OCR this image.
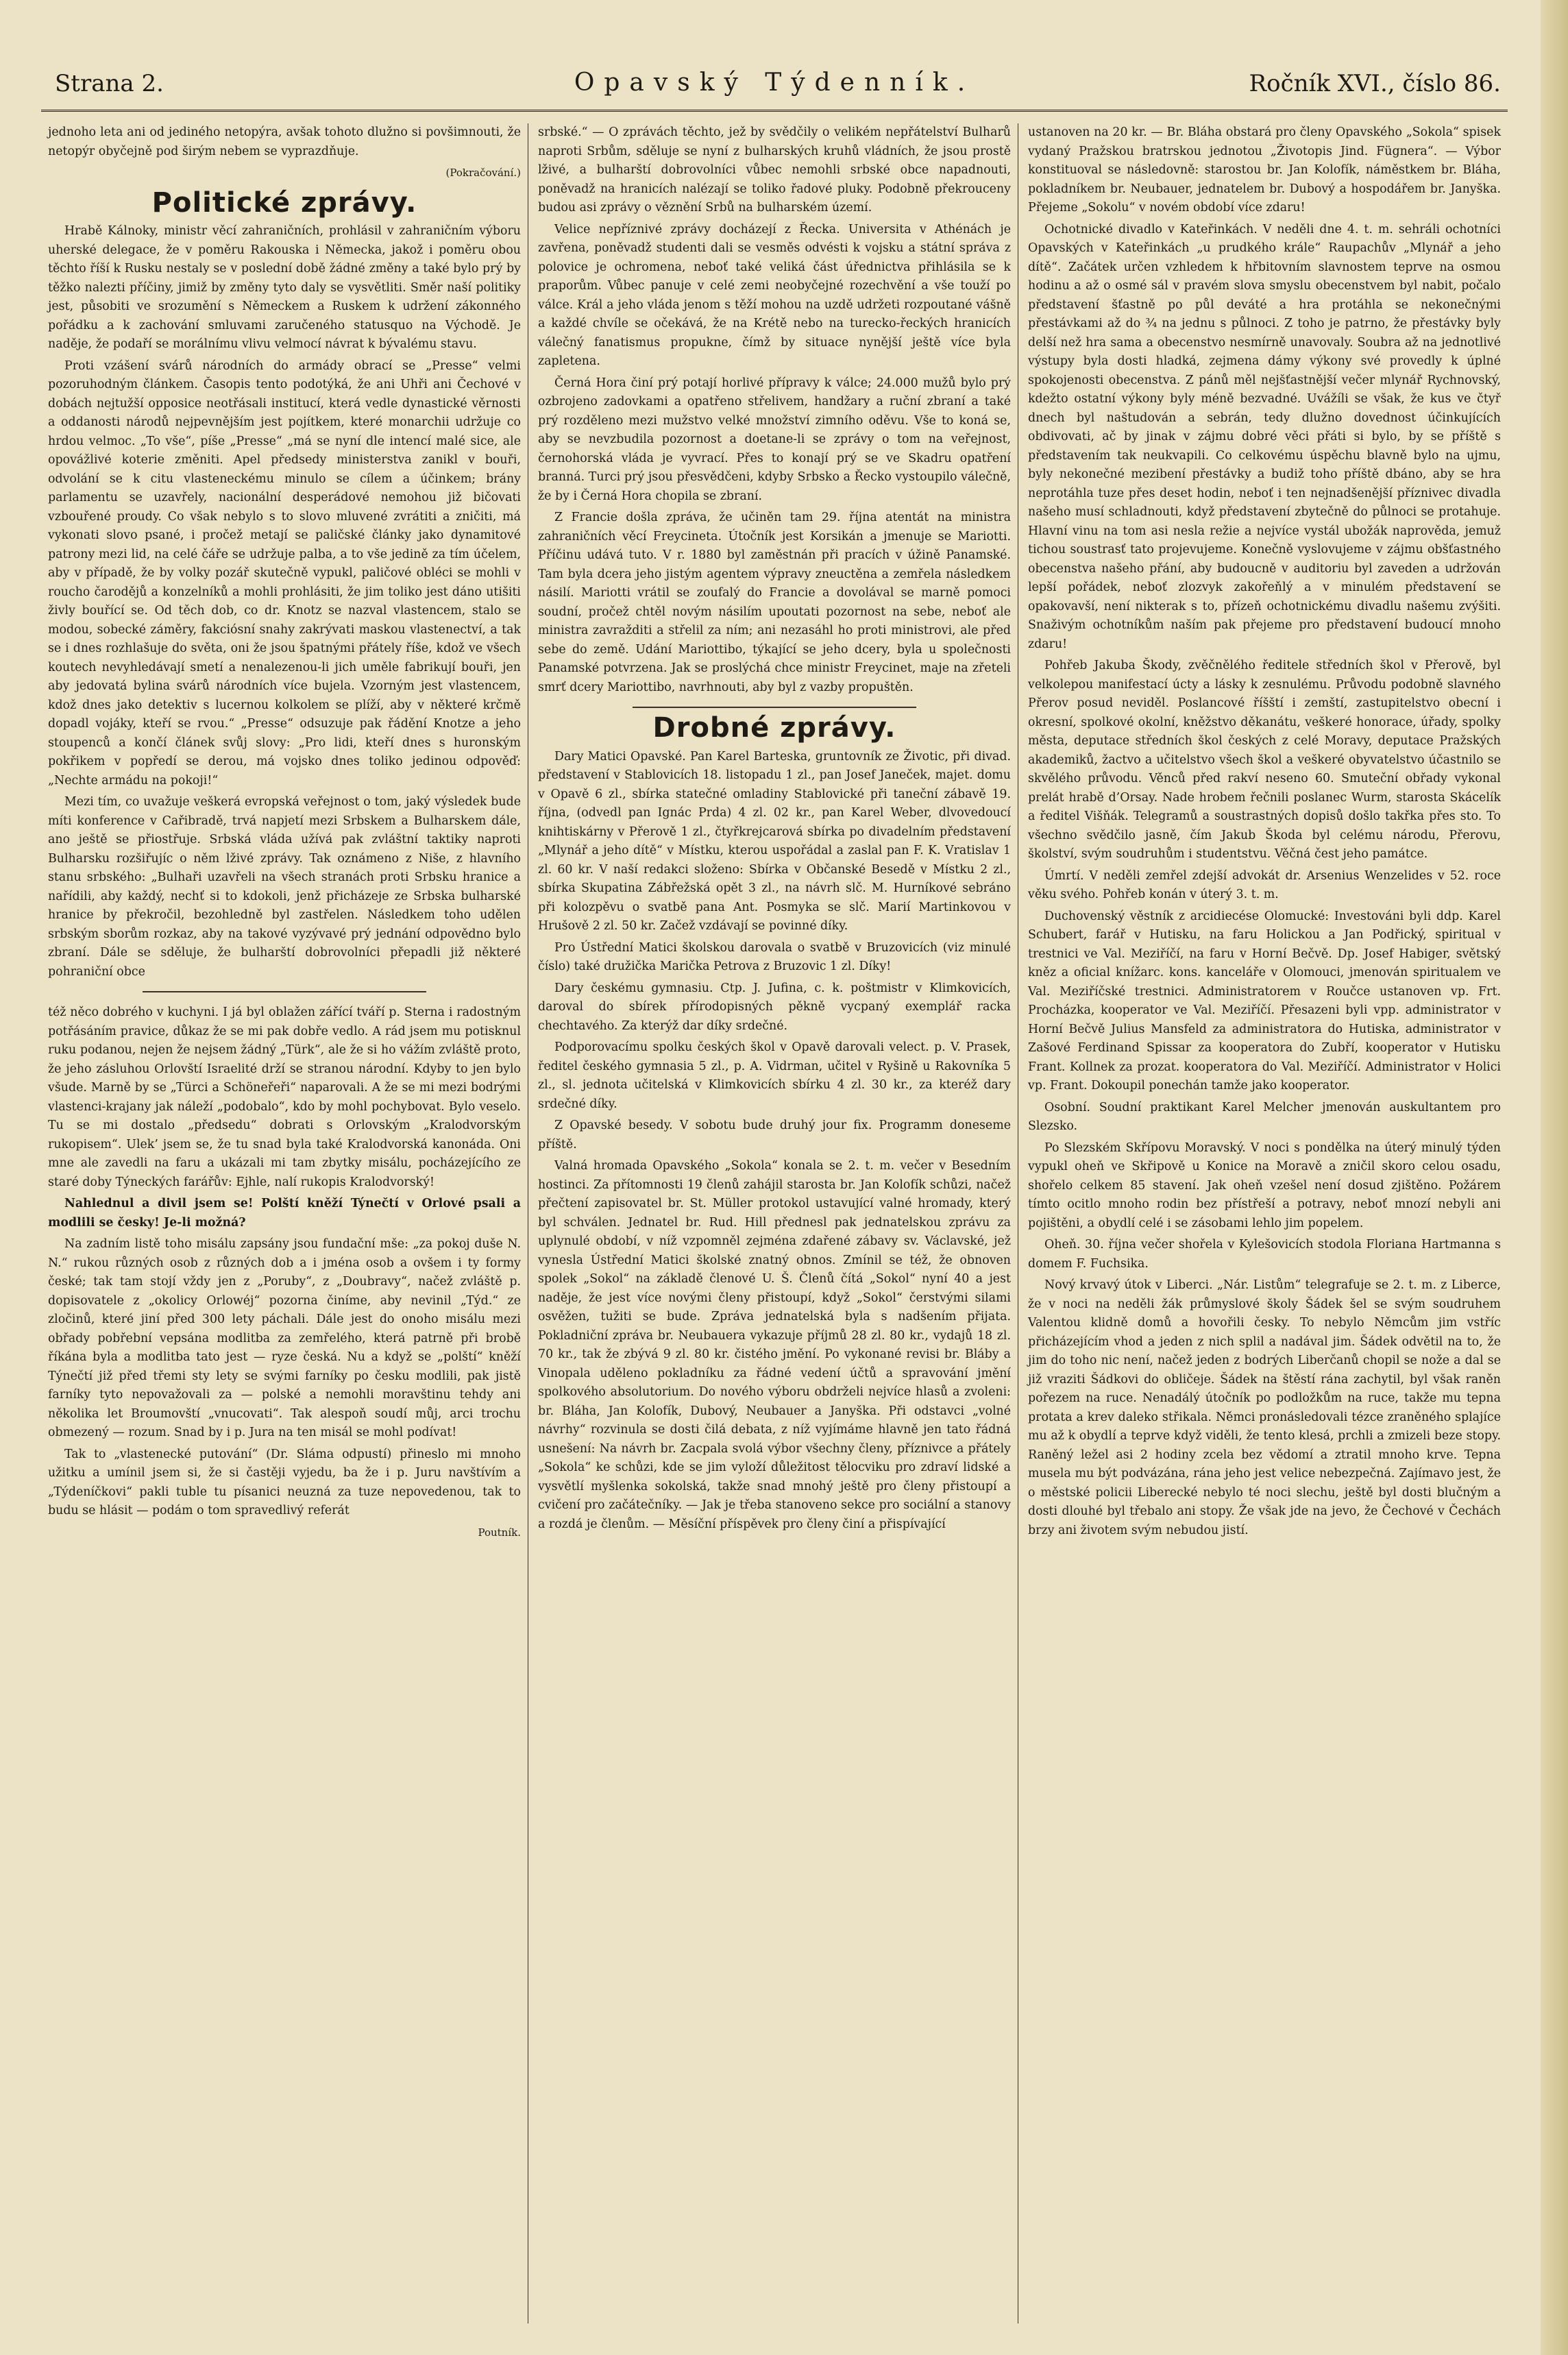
Strana 2.	Opavský Týdenník.	Ročník XVI., číslo 86.

jednoho leta ani od jediného netopýra, avšak tohoto dlužno si povšimnouti, že netopýr obyčejně pod širým nebem se vyprazdňuje.

(Pokračování.)
Politické zprávy.

Hrabě Kálnoky, ministr věcí zahraničních, prohlásil v zahraničním výboru uherské delegace, že v poměru Rakouska i Německa, jakož i poměru obou těchto říší k Rusku nestaly se v poslední době žádné změny a také bylo prý by těžko nalezti příčiny, jimiž by změny tyto daly se vysvětliti. Směr naší politiky jest, působiti ve srozumění s Německem a Ruskem k udržení zákonného pořádku a k zachování smluvami zaručeného statusquo na Východě. Je naděje, že podaří se morálnímu vlivu velmocí návrat k bývalému stavu.

Proti vzášení svárů národních do armády obrací se „Presse“ velmi pozoruhodným článkem. Časopis tento podotýká, že ani Uhři ani Čechové v dobách nejtužší opposice neotřásali institucí, která vedle dynastické věrnosti a oddanosti národů nejpevnějším jest pojítkem, které monarchii udržuje co hrdou velmoc. „To vše“, píše „Presse“ „má se nyní dle intencí malé sice, ale opovážlivé koterie změniti. Apel předsedy ministerstva zanikl v bouři, odvolání se k citu vlasteneckému minulo se cílem a účinkem; brány parlamentu se uzavřely, nacionální desperádové nemohou již bičovati vzbouřené proudy. Co však nebylo s to slovo mluvené zvrátiti a zničiti, má vykonati slovo psané, i pročež metají se paličské články jako dynamitové patrony mezi lid, na celé čáře se udržuje palba, a to vše jedině za tím účelem, aby v případě, že by volky pozář skutečně vypukl, paličové obléci se mohli v roucho čarodějů a konzelníků a mohli prohlásiti, že jim toliko jest dáno utišiti živly bouřící se. Od těch dob, co dr. Knotz se nazval vlastencem, stalo se modou, sobecké záměry, fakciósní snahy zakrývati maskou vlastenectví, a tak se i dnes rozhlašuje do světa, oni že jsou špatnými přátely říše, kdož ve všech koutech nevyhledávají smetí a nenalezenou-li jich uměle fabrikují bouři, jen aby jedovatá bylina svárů národních více bujela. Vzorným jest vlastencem, kdož dnes jako detektiv s lucernou kolkolem se plíží, aby v některé krčmě dopadl vojáky, kteří se rvou.“ „Presse“ odsuzuje pak řádění Knotze a jeho stoupenců a končí článek svůj slovy: „Pro lidi, kteří dnes s huronským pokřikem v popředí se derou, má vojsko dnes toliko jedinou odpověď: „Nechte armádu na pokoji!“

Mezi tím, co uvažuje veškerá evropská veřejnost o tom, jaký výsledek bude míti konference v Cařibradě, trvá napjetí mezi Srbskem a Bulharskem dále, ano ještě se přiostřuje. Srbská vláda užívá pak zvláštní taktiky naproti Bulharsku rozšiřujíc o něm lživé zprávy. Tak oznámeno z Niše, z hlavního stanu srbského: „Bulhaři uzavřeli na všech stranách proti Srbsku hranice a nařídili, aby každý, nechť si to kdokoli, jenž přicházeje ze Srbska bulharské hranice by překročil, bezohledně byl zastřelen. Následkem toho udělen srbským sborům rozkaz, aby na takové vyzývavé prý jednání odpovědno bylo zbraní. Dále se sděluje, že bulharští dobrovolníci přepadli již některé pohraniční obce

též něco dobrého v kuchyni. I já byl oblažen zářící tváří p. Sterna i radostným potřásáním pravice, důkaz že se mi pak dobře vedlo. A rád jsem mu potisknul ruku podanou, nejen že nejsem žádný „Türk“, ale že si ho vážím zvláště proto, že jeho zásluhou Orlovští Israelité drží se stranou národní. Kdyby to jen bylo všude. Marně by se „Türci a Schöneřeři“ naparovali. A že se mi mezi bodrými vlastenci-krajany jak náleží „podobalo“, kdo by mohl pochybovat. Bylo veselo. Tu se mi dostalo „předsedu“ dobrati s Orlovským „Kralodvorským rukopisem“. Ulek’ jsem se, že tu snad byla také Kralodvorská kanonáda. Oni mne ale zavedli na faru a ukázali mi tam zbytky misálu, pocházejícího ze staré doby Týneckých farářův: Ejhle, nalí rukopis Kralodvorský!

Nahlednul a divil jsem se! Polští kněží Týnečtí v Orlové psali a modlili se česky! Je-li možná?

Na zadním listě toho misálu zapsány jsou fundační mše: „za pokoj duše N. N.“ rukou různých osob z různých dob a i jména osob a ovšem i ty formy české; tak tam stojí vždy jen z „Poruby“, z „Doubravy“, načež zvláště p. dopisovatele z „okolicy Orlowéj“ pozorna činíme, aby nevinil „Týd.“ ze zločinů, které jiní před 300 lety páchali. Dále jest do onoho misálu mezi obřady pobřební vepsána modlitba za zemřelého, která patrně při brobě říkána byla a modlitba tato jest — ryze česká. Nu a když se „polští“ kněží Týnečtí již před třemi sty lety se svými farníky po česku modlili, pak jistě farníky tyto nepovažovali za — polské a nemohli moravštinu tehdy ani několika let Broumovští „vnucovati“. Tak alespoň soudí můj, arci trochu obmezený — rozum. Snad by i p. Jura na ten misál se mohl podívat!

Tak to „vlastenecké putování“ (Dr. Sláma odpustí) přineslo mi mnoho užitku a umínil jsem si, že si častěji vyjedu, ba že i p. Juru navštívím a „Týdeníčkovi“ pakli tuble tu písanici neuzná za tuze nepovedenou, tak to budu se hlásit — podám o tom spravedlivý referát

Poutník.

srbské.“ — O zprávách těchto, jež by svědčily o velikém nepřátelství Bulharů naproti Srbům, sděluje se nyní z bulharských kruhů vládních, že jsou prostě lživé, a bulharští dobrovolníci vůbec nemohli srbské obce napadnouti, poněvadž na hranicích nalézají se toliko řadové pluky. Podobně překrouceny budou asi zprávy o věznění Srbů na bulharském území.

Velice nepříznivé zprávy docházejí z Řecka. Universita v Athénách je zavřena, poněvadž studenti dali se vesměs odvésti k vojsku a státní správa z polovice je ochromena, neboť také veliká část úřednictva přihlásila se k praporům. Vůbec panuje v celé zemi neobyčejné rozechvění a vše touží po válce. Král a jeho vláda jenom s těží mohou na uzdě udržeti rozpoutané vášně a každé chvíle se očekává, že na Krétě nebo na turecko-řeckých hranicích válečný fanatismus propukne, čímž by situace nynější ještě více byla zapletena.

Černá Hora činí prý potají horlivé přípravy k válce; 24.000 mužů bylo prý ozbrojeno zadovkami a opatřeno střelivem, handžary a ruční zbraní a také prý rozděleno mezi mužstvo velké množství zimního oděvu. Vše to koná se, aby se nevzbudila pozornost a doetane-li se zprávy o tom na veřejnost, černohorská vláda je vyvrací. Přes to konají prý se ve Skadru opatření branná. Turci prý jsou přesvědčeni, kdyby Srbsko a Řecko vystoupilo válečně, že by i Černá Hora chopila se zbraní.

Z Francie došla zpráva, že učiněn tam 29. října atentát na ministra zahraničních věcí Freycineta. Útočník jest Korsikán a jmenuje se Mariotti. Příčinu udává tuto. V r. 1880 byl zaměstnán při pracích v úžině Panamské. Tam byla dcera jeho jistým agentem výpravy zneuctěna a zemřela následkem násilí. Mariotti vrátil se zoufalý do Francie a dovolával se marně pomoci soudní, pročež chtěl novým násilím upoutati pozornost na sebe, neboť ale ministra zavražditi a střelil za ním; ani nezasáhl ho proti ministrovi, ale před sebe do země. Udání Mariottibo, týkající se jeho dcery, byla u společnosti Panamské potvrzena. Jak se proslýchá chce ministr Freycinet, maje na zřeteli smrť dcery Mariottibo, navrhnouti, aby byl z vazby propuštěn.

Drobné zprávy.

Dary Matici Opavské. Pan Karel Barteska, gruntovník ze Životic, při divad. představení v Stablovicích 18. listopadu 1 zl., pan Josef Janeček, majet. domu v Opavě 6 zl., sbírka statečné omladiny Stablovické při taneční zábavě 19. října, (odvedl pan Ignác Prda) 4 zl. 02 kr., pan Karel Weber, dlvovedoucí knihtiskárny v Přerově 1 zl., čtyřkrejcarová sbírka po divadelním představení „Mlynář a jeho dítě“ v Místku, kterou uspořádal a zaslal pan F. K. Vratislav 1 zl. 60 kr. V naší redakci složeno: Sbírka v Občanské Besedě v Místku 2 zl., sbírka Skupatina Zábřežská opět 3 zl., na návrh slč. M. Hurníkové sebráno při kolozpěvu o svatbě pana Ant. Posmyka se slč. Marií Martinkovou v Hrušově 2 zl. 50 kr. Začež vzdávají se povinné díky.

Pro Ústřední Matici školskou darovala o svatbě v Bruzovicích (viz minulé číslo) také družička Marička Petrova z Bruzovic 1 zl. Díky!

Dary českému gymnasiu. Ctp. J. Jufina, c. k. poštmistr v Klimkovicích, daroval do sbírek přírodopisných pěkně vycpaný exemplář racka chechtavého. Za kterýž dar díky srdečné.

Podporovacímu spolku českých škol v Opavě darovali velect. p. V. Prasek, ředitel českého gymnasia 5 zl., p. A. Vidrman, učitel v Ryšině u Rakovníka 5 zl., sl. jednota učitelská v Klimkovicích sbírku 4 zl. 30 kr., za kteréž dary srdečné díky.

Z Opavské besedy. V sobotu bude druhý jour fix. Programm doneseme příště.

Valná hromada Opavského „Sokola“ konala se 2. t. m. večer v Besedním hostinci. Za přítomnosti 19 členů zahájil starosta br. Jan Kolofík schůzi, načež přečtení zapisovatel br. St. Müller protokol ustavující valné hromady, který byl schválen. Jednatel br. Rud. Hill přednesl pak jednatelskou zprávu za uplynulé období, v níž vzpomněl zejména zdařené zábavy sv. Václavské, jež vynesla Ústřední Matici školské znatný obnos. Zmínil se též, že obnoven spolek „Sokol“ na základě členové U. Š. Členů čítá „Sokol“ nyní 40 a jest naděje, že jest více novými členy přistoupí, když „Sokol“ čerstvými silami osvěžen, tužiti se bude. Zpráva jednatelská byla s nadšením přijata. Pokladniční zpráva br. Neubauera vykazuje příjmů 28 zl. 80 kr., vydajů 18 zl. 70 kr., tak že zbývá 9 zl. 80 kr. čistého jmění. Po vykonané revisi br. Bláby a Vinopala uděleno pokladníku za řádné vedení účtů a spravování jmění spolkového absolutorium. Do nového výboru obdrželi nejvíce hlasů a zvoleni: br. Bláha, Jan Kolofík, Dubový, Neubauer a Janyška. Při odstavci „volné návrhy“ rozvinula se dosti čilá debata, z níž vyjímáme hlavně jen tato řádná usnešení: Na návrh br. Zacpala svolá výbor všechny členy, příznivce a přátely „Sokola“ ke schůzi, kde se jim vyloží důležitost tělocviku pro zdraví lidské a vysvětlí myšlenka sokolská, takže snad mnohý ještě pro členy přistoupí a cvičení pro začátečníky. — Jak je třeba stanoveno sekce pro sociální a stanovy a rozdá je členům. — Měsíční příspěvek pro členy činí a přispívající

ustanoven na 20 kr. — Br. Bláha obstará pro členy Opavského „Sokola“ spisek vydaný Pražskou bratrskou jednotou „Životopis Jind. Fügnera“. — Výbor konstituoval se následovně: starostou br. Jan Kolofík, náměstkem br. Bláha, pokladníkem br. Neubauer, jednatelem br. Dubový a hospodářem br. Janyška. Přejeme „Sokolu“ v novém období více zdaru!

Ochotnické divadlo v Kateřinkách. V neděli dne 4. t. m. sehráli ochotníci Opavských v Kateřinkách „u prudkého krále“ Raupachův „Mlynář a jeho dítě“. Začátek určen vzhledem k hřbitovním slavnostem teprve na osmou hodinu a až o osmé sál v pravém slova smyslu obecenstvem byl nabit, počalo představení šťastně po půl deváté a hra protáhla se nekonečnými přestávkami až do ¾ na jednu s půlnoci. Z toho je patrno, že přestávky byly delší než hra sama a obecenstvo nesmírně unavovaly. Soubra až na jednotlivé výstupy byla dosti hladká, zejmena dámy výkony své provedly k úplné spokojenosti obecenstva. Z pánů měl nejšťastnější večer mlynář Rychnovský, kdežto ostatní výkony byly méně bezvadné. Uvážíli se však, že kus ve čtyř dnech byl naštudován a sebrán, tedy dlužno dovednost účinkujících obdivovati, ač by jinak v zájmu dobré věci přáti si bylo, by se příště s představením tak neukvapili. Co celkovému úspěchu blavně bylo na ujmu, byly nekonečné mezibení přestávky a budiž toho příště dbáno, aby se hra neprotáhla tuze přes deset hodin, neboť i ten nejnadšenější příznivec divadla našeho musí schladnouti, když představení zbytečně do půlnoci se protahuje. Hlavní vinu na tom asi nesla režie a nejvíce vystál ubožák naprověda, jemuž tichou soustrasť tato projevujeme. Konečně vyslovujeme v zájmu obšťastného obecenstva našeho přání, aby budoucně v auditoriu byl zaveden a udržován lepší pořádek, neboť zlozvyk zakořeňlý a v minulém představení se opakovavší, není nikterak s to, přízeň ochotnickému divadlu našemu zvýšiti. Snaživým ochotníkům naším pak přejeme pro představení budoucí mnoho zdaru!

Pohřeb Jakuba Škody, zvěčnělého ředitele středních škol v Přerově, byl velkolepou manifestací úcty a lásky k zesnulému. Průvodu podobně slavného Přerov posud neviděl. Poslancové říšští i zemští, zastupitelstvo obecní i okresní, spolkové okolní, kněžstvo děkanátu, veškeré honorace, úřady, spolky města, deputace středních škol českých z celé Moravy, deputace Pražských akademiků, žactvo a učitelstvo všech škol a veškeré obyvatelstvo účastnilo se skvělého průvodu. Věnců před rakví neseno 60. Smuteční obřady vykonal prelát hrabě d’Orsay. Nade hrobem řečnili poslanec Wurm, starosta Skácelík a ředitel Višňák. Telegramů a soustrastných dopisů došlo takřka přes sto. To všechno svědčilo jasně, čím Jakub Škoda byl celému národu, Přerovu, školství, svým soudruhům i studentstvu. Věčná čest jeho památce.

Úmrtí. V neděli zemřel zdejší advokát dr. Arsenius Wenzelides v 52. roce věku svého. Pohřeb konán v úterý 3. t. m.

Duchovenský věstník z arcidiecése Olomucké: Investováni byli ddp. Karel Schubert, farář v Hutisku, na faru Holickou a Jan Podřický, spiritual v trestnici ve Val. Meziříčí, na faru v Horní Bečvě. Dp. Josef Habiger, světský kněz a oficial knížarc. kons. kanceláře v Olomouci, jmenován spiritualem ve Val. Meziříčské trestnici. Administratorem v Roučce ustanoven vp. Frt. Procházka, kooperator ve Val. Meziříčí. Přesazeni byli vpp. administrator v Horní Bečvě Julius Mansfeld za administratora do Hutiska, administrator v Zašové Ferdinand Spissar za kooperatora do Zubří, kooperator v Hutisku Frant. Kollnek za prozat. kooperatora do Val. Meziříčí. Administrator v Holici vp. Frant. Dokoupil ponechán tamže jako kooperator.

Osobní. Soudní praktikant Karel Melcher jmenován auskultantem pro Slezsko.

Po Slezském Skřípovu Moravský. V noci s pondělka na úterý minulý týden vypukl oheň ve Skřipově u Konice na Moravě a zničil skoro celou osadu, shořelo celkem 85 stavení. Jak oheň vzešel není dosud zjištěno. Požárem tímto ocitlo mnoho rodin bez přístřeší a potravy, neboť mnozí nebyli ani pojištěni, a obydlí celé i se zásobami lehlo jim popelem.

Oheň. 30. října večer shořela v Kylešovicích stodola Floriana Hartmanna s domem F. Fuchsika.

Nový krvavý útok v Liberci. „Nár. Listům“ telegrafuje se 2. t. m. z Liberce, že v noci na neděli žák průmyslové školy Šádek šel se svým soudruhem Valentou klidně domů a hovořili česky. To nebylo Němcům jim vstříc přicházejícím vhod a jeden z nich splil a nadával jim. Šádek odvětil na to, že jim do toho nic není, načež jeden z bodrých Liberčanů chopil se nože a dal se již vraziti Šádkovi do obličeje. Šádek na štěstí rána zachytil, byl však raněn pořezem na ruce. Nenadálý útočník po podložkům na ruce, takže mu tepna protata a krev daleko střikala. Němci pronásledovali tézce zraněného splajíce mu až k obydlí a teprve když viděli, že tento klesá, prchli a zmizeli beze stopy. Raněný ležel asi 2 hodiny zcela bez vědomí a ztratil mnoho krve. Tepna musela mu být podvázána, rána jeho jest velice nebezpečná. Zajímavo jest, že o městské policii Liberecké nebylo té noci slechu, ještě byl dosti blučným a dosti dlouhé byl třebalo ani stopy. Že však jde na jevo, že Čechové v Čechách brzy ani životem svým nebudou jistí.
